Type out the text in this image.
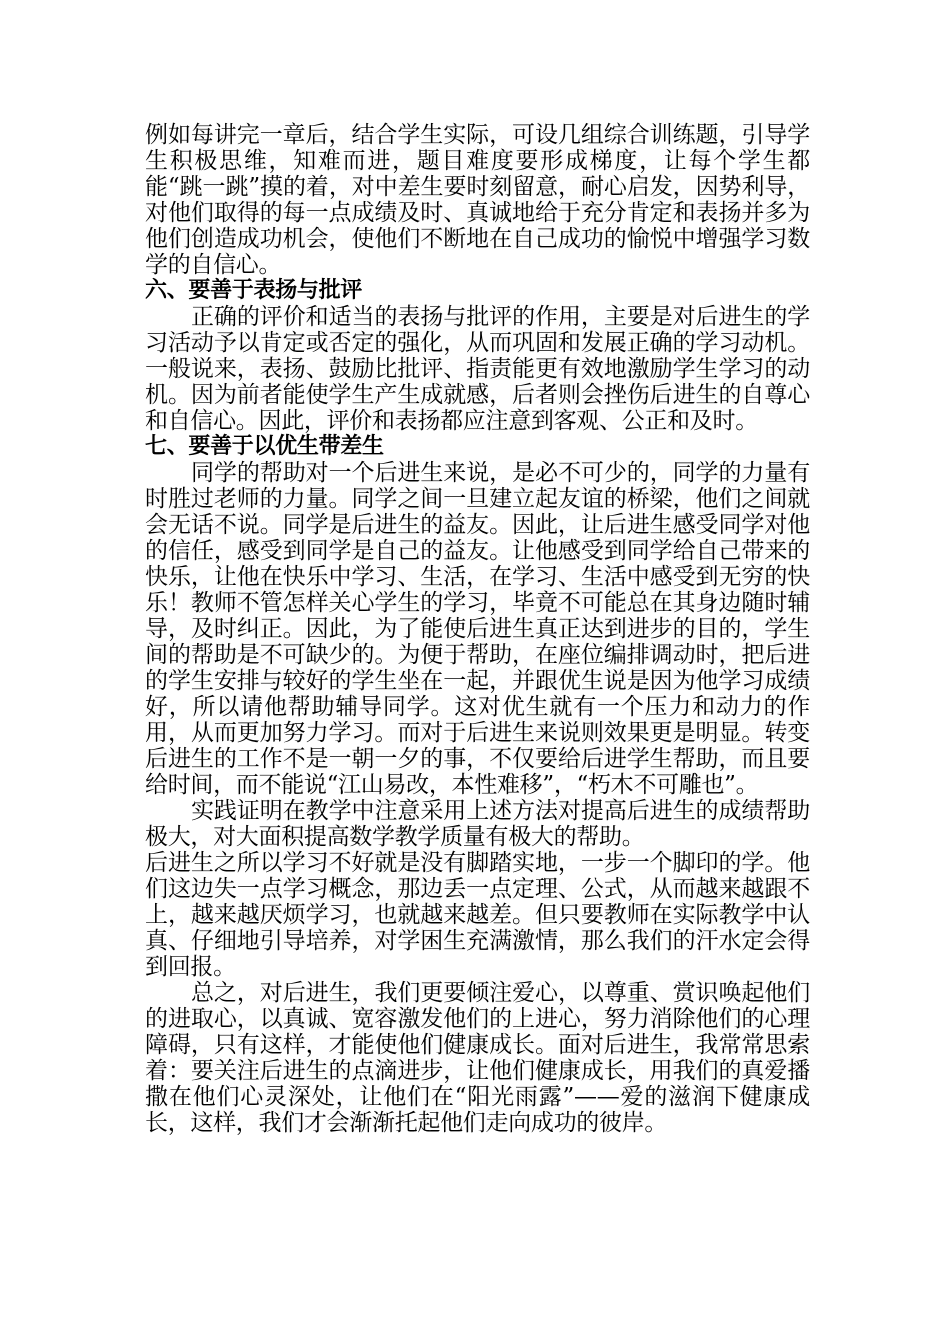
例如每讲完一章后，结合学生实际，可设几组综合训练题，引导学生积极思维，知难而进，题目难度要形成梯度，让每个学生都能“跳一跳”摸的着，对中差生要时刻留意，耐心启发，因势利导，对他们取得的每一点成绩及时、真诚地给于充分肯定和表扬并多为他们创造成功机会，使他们不断地在自己成功的愉悦中增强学习数学的自信心。

六、要善于表扬与批评

正确的评价和适当的表扬与批评的作用，主要是对后进生的学习活动予以肯定或否定的强化，从而巩固和发展正确的学习动机。一般说来，表扬、鼓励比批评、指责能更有效地激励学生学习的动机。因为前者能使学生产生成就感，后者则会挫伤后进生的自尊心和自信心。因此，评价和表扬都应注意到客观、公正和及时。

七、要善于以优生带差生

同学的帮助对一个后进生来说，是必不可少的，同学的力量有时胜过老师的力量。同学之间一旦建立起友谊的桥梁，他们之间就会无话不说。同学是后进生的益友。因此，让后进生感受同学对他的信任，感受到同学是自己的益友。让他感受到同学给自己带来的快乐，让他在快乐中学习、生活，在学习、生活中感受到无穷的快乐！教师不管怎样关心学生的学习，毕竟不可能总在其身边随时辅导，及时纠正。因此，为了能使后进生真正达到进步的目的，学生间的帮助是不可缺少的。为便于帮助，在座位编排调动时，把后进的学生安排与较好的学生坐在一起，并跟优生说是因为他学习成绩好，所以请他帮助辅导同学。这对优生就有一个压力和动力的作用，从而更加努力学习。而对于后进生来说则效果更是明显。转变后进生的工作不是一朝一夕的事，不仅要给后进学生帮助，而且要给时间，而不能说“江山易改，本性难移”，“朽木不可雕也”。

实践证明在教学中注意采用上述方法对提高后进生的成绩帮助极大，对大面积提高数学教学质量有极大的帮助。

后进生之所以学习不好就是没有脚踏实地，一步一个脚印的学。他们这边失一点学习概念，那边丢一点定理、公式，从而越来越跟不上，越来越厌烦学习，也就越来越差。但只要教师在实际教学中认真、仔细地引导培养，对学困生充满激情，那么我们的汗水定会得到回报。

总之，对后进生，我们更要倾注爱心，以尊重、赏识唤起他们的进取心，以真诚、宽容激发他们的上进心，努力消除他们的心理障碍，只有这样，才能使他们健康成长。面对后进生，我常常思索着：要关注后进生的点滴进步，让他们健康成长，用我们的真爱播撒在他们心灵深处，让他们在“阳光雨露”——爱的滋润下健康成长，这样，我们才会渐渐托起他们走向成功的彼岸。
